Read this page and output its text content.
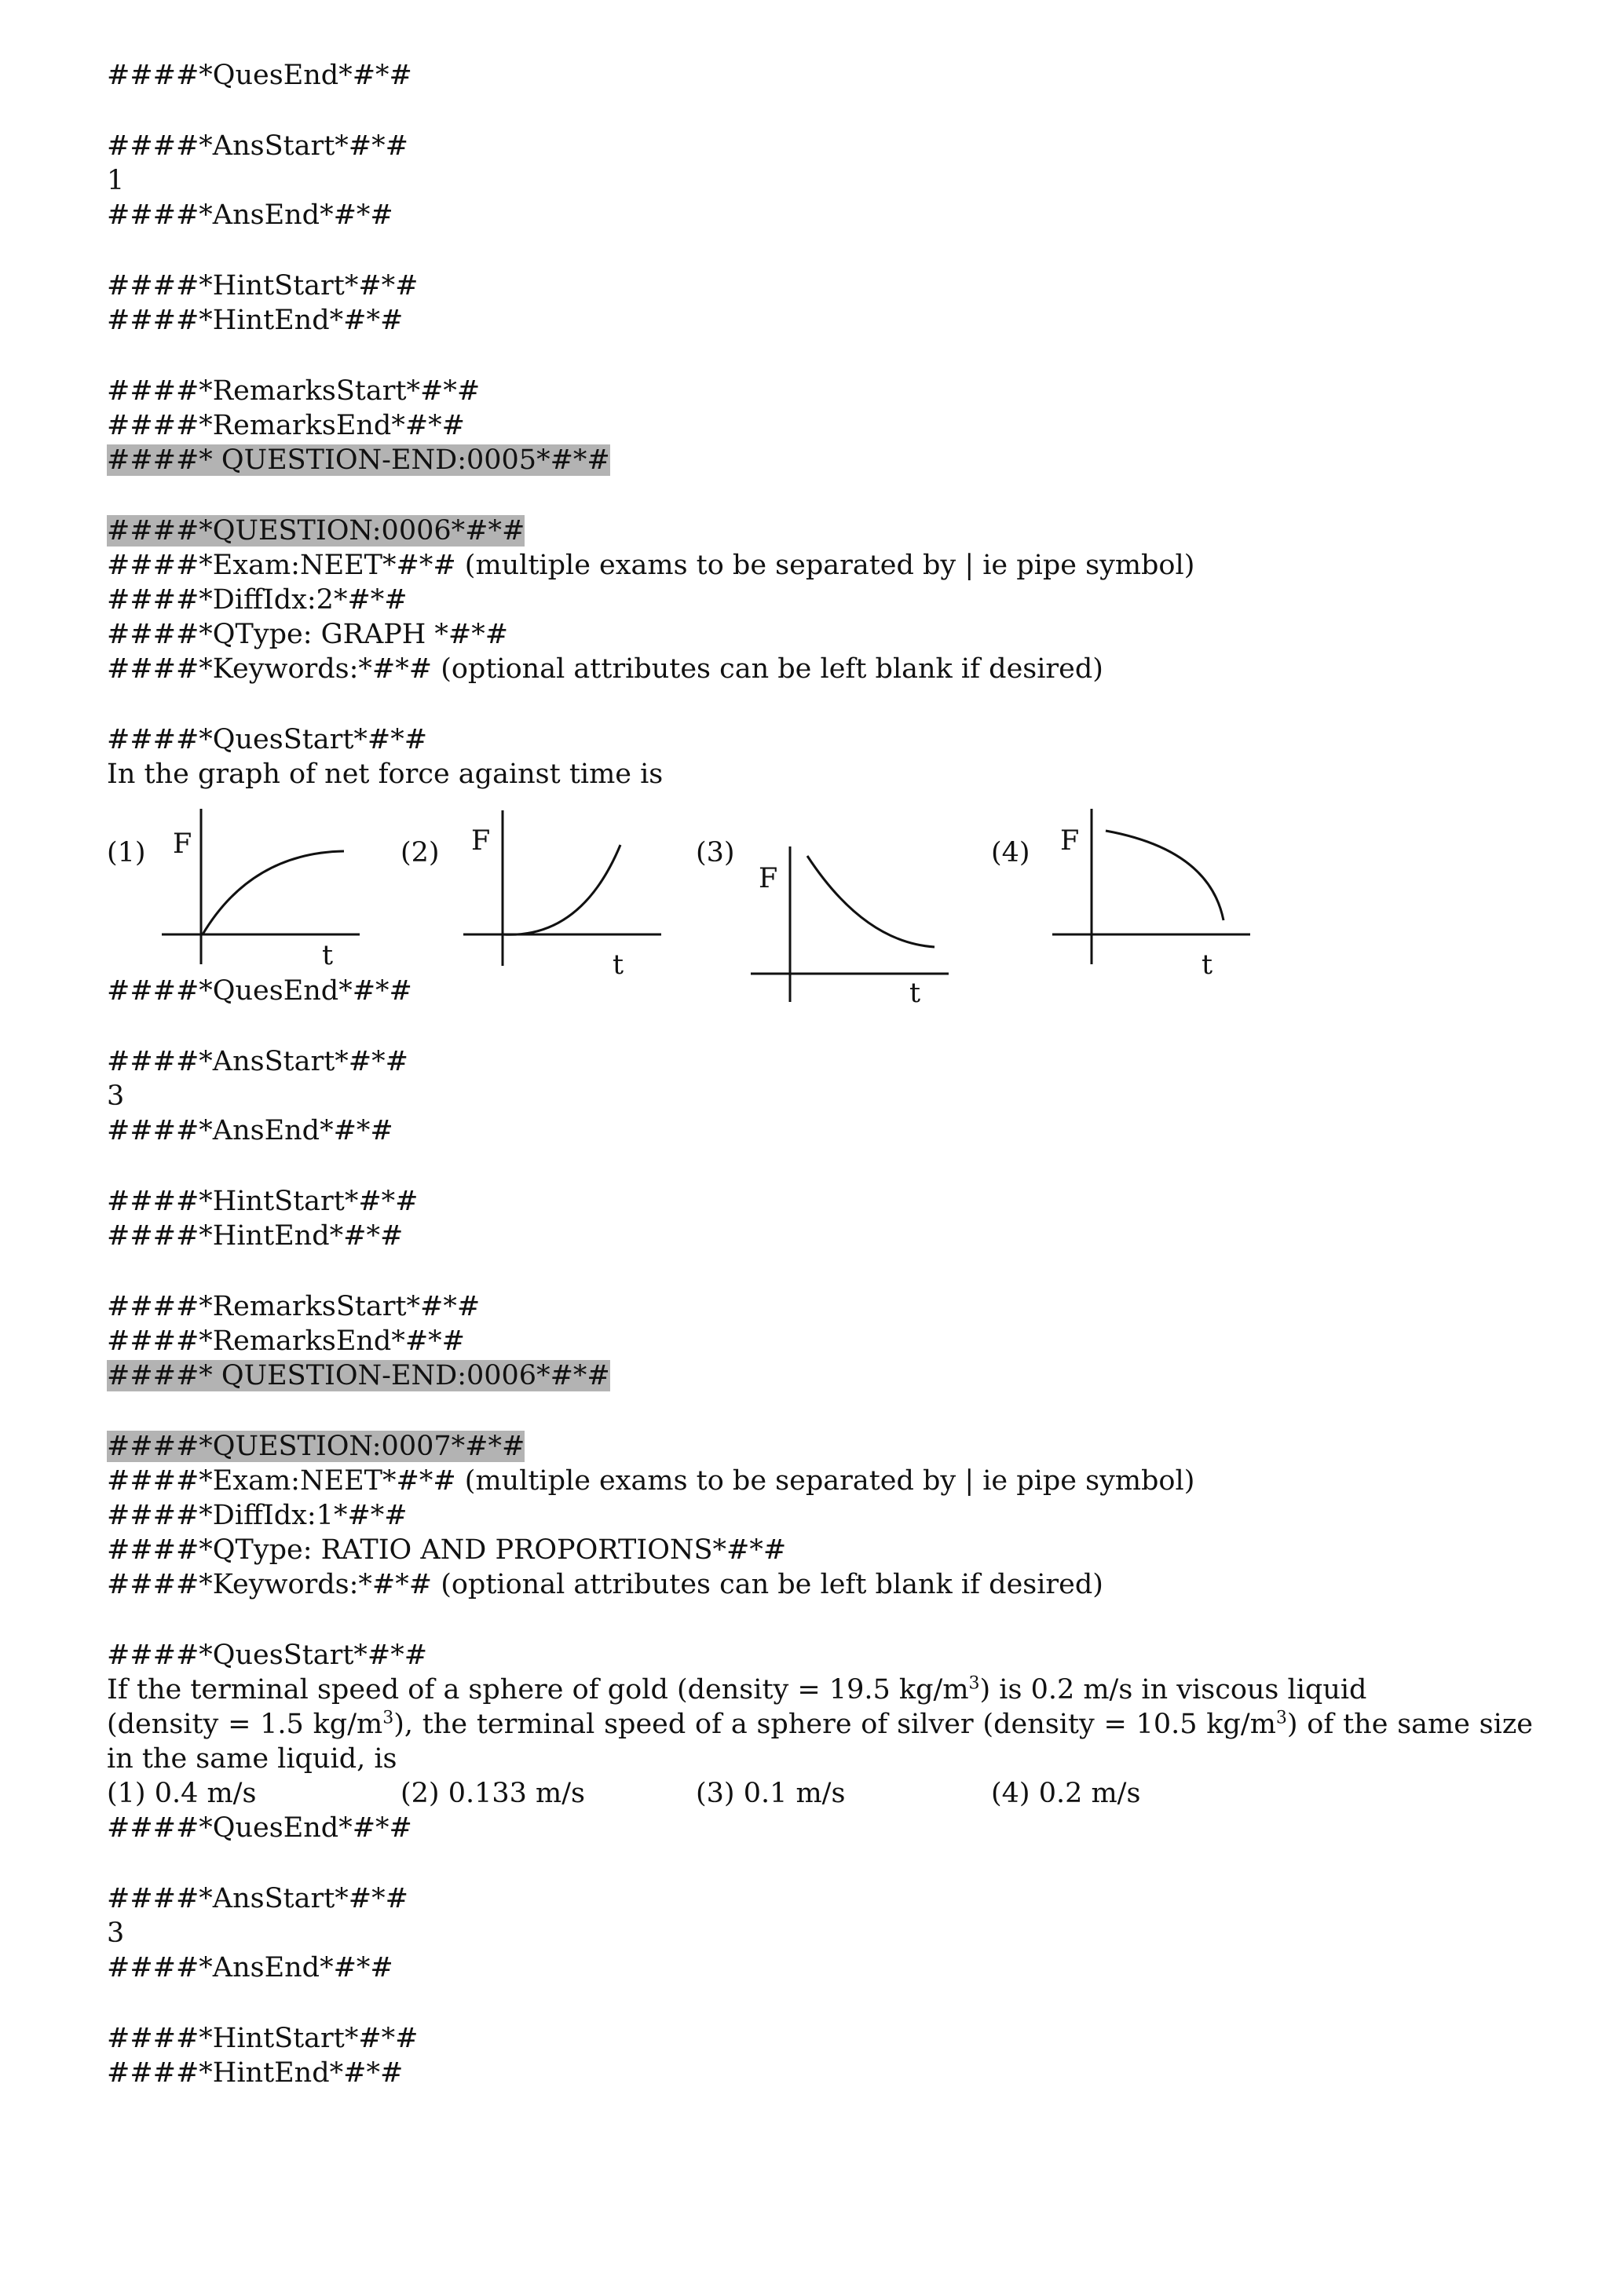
####*QuesEnd*#*#
####*AnsStart*#*#
1
####*AnsEnd*#*#
####*HintStart*#*#
####*HintEnd*#*#
####*RemarksStart*#*#
####*RemarksEnd*#*#
####* QUESTION-END:0005*#*#
####*QUESTION:0006*#*#
####*Exam:NEET*#*# (multiple exams to be separated by | ie pipe symbol)
####*DiffIdx:2*#*#
####*QType: GRAPH *#*#
####*Keywords:*#*# (optional attributes can be left blank if desired)
####*QuesStart*#*#
In the graph of net force against time is
(1)	(2)	(3)	(4)
F
t
F
t
F
t
F
t
####*QuesEnd*#*#
####*AnsStart*#*#
3
####*AnsEnd*#*#
####*HintStart*#*#
####*HintEnd*#*#
####*RemarksStart*#*#
####*RemarksEnd*#*#
####* QUESTION-END:0006*#*#
####*QUESTION:0007*#*#
####*Exam:NEET*#*# (multiple exams to be separated by | ie pipe symbol)
####*DiffIdx:1*#*#
####*QType: RATIO AND PROPORTIONS*#*#
####*Keywords:*#*# (optional attributes can be left blank if desired)
####*QuesStart*#*#
If the terminal speed of a sphere of gold (density = 19.5 $kg/m^3$) is 0.2 m/s in viscous liquid
(density = 1.5 $kg/m^3$), the terminal speed of a sphere of silver (density = 10.5 $kg/m^3$) of the same size in the same liquid, is
(1) 0.4 m/s	(2) 0.133 m/s	(3) 0.1 m/s	(4) 0.2 m/s
####*QuesEnd*#*#
####*AnsStart*#*#
3
####*AnsEnd*#*#
####*HintStart*#*#
####*HintEnd*#*#
